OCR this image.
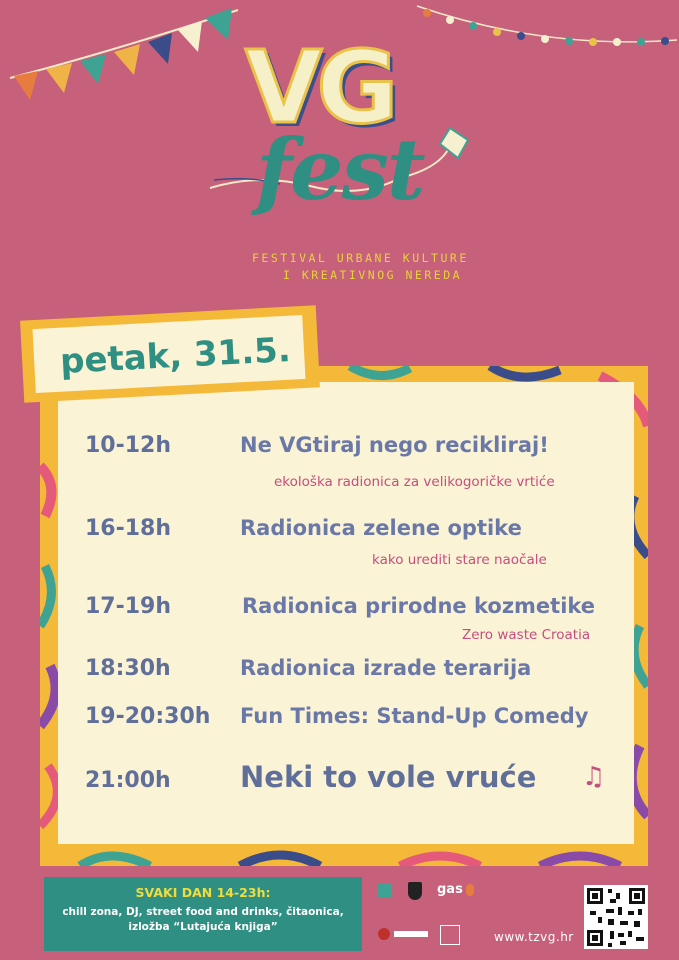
VG
fest
FESTIVAL URBANE KULTURE
I KREATIVNOG NEREDA
petak, 31.5.
10-12h	Ne VGtiraj nego recikliraj!
ekološka radionica za velikogoričke vrtiće
16-18h	Radionica zelene optike
kako urediti stare naočale
17-19h	Radionica prirodne kozmetike
Zero waste Croatia
18:30h	Radionica izrade terarija
19-20:30h Fun Times: Stand-Up Comedy
21:00h Neki to vole vruće ♫
SVAKI DAN 14-23h:
chill zona, DJ, street food and drinks, čitaonica,
izložba “Lutajuća knjiga”
gas
www.tzvg.hr
